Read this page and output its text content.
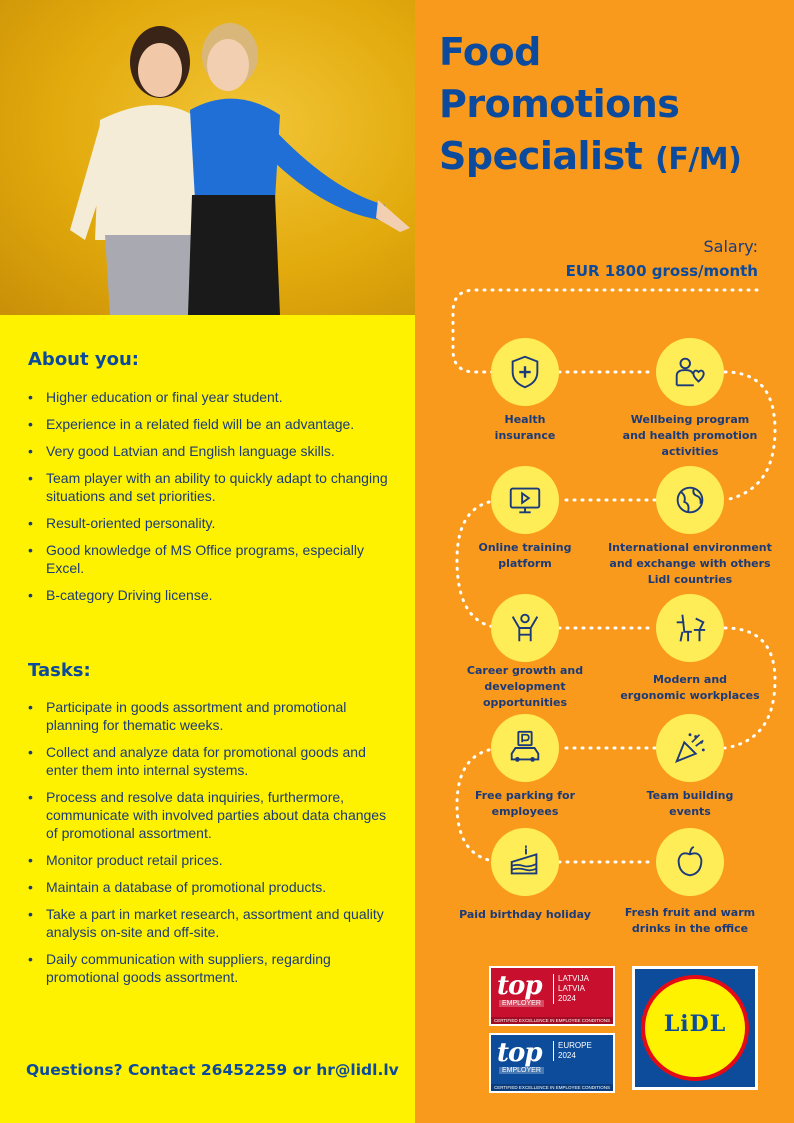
About you:
• Higher education or final year student.
• Experience in a related field will be an advantage.
• Very good Latvian and English language skills.
• Team player with an ability to quickly adapt to changing situations and set priorities.
• Result-oriented personality.
• Good knowledge of MS Office programs, especially Excel.
• B-category Driving license.
Tasks:
• Participate in goods assortment and promotional planning for thematic weeks.
• Collect and analyze data for promotional goods and enter them into internal systems.
• Process and resolve data inquiries, furthermore, communicate with involved parties about data changes of promotional assortment.
• Monitor product retail prices.
• Maintain a database of promotional products.
• Take a part in market research, assortment and quality analysis on-site and off-site.
• Daily communication with suppliers, regarding promotional goods assortment.
Questions? Contact 26452259 or hr@lidl.lv
Food
Promotions
Specialist (F/M)
Salary:
EUR 1800 gross/month
Health
insurance
Wellbeing program
and health promotion
activities
Online training
platform
International environment
and exchange with others
Lidl countries
Career growth and
development
opportunities
Modern and
ergonomic workplaces
Free parking for
employees
Team building
events
Paid birthday holiday	Fresh fruit and warm
drinks in the office
top
EMPLOYER
LATVIJA
LATVIA
2024
CERTIFIED EXCELLENCE IN EMPLOYEE CONDITIONS
top
EMPLOYER
EUROPE
2024
CERTIFIED EXCELLENCE IN EMPLOYEE CONDITIONS
LiDL
